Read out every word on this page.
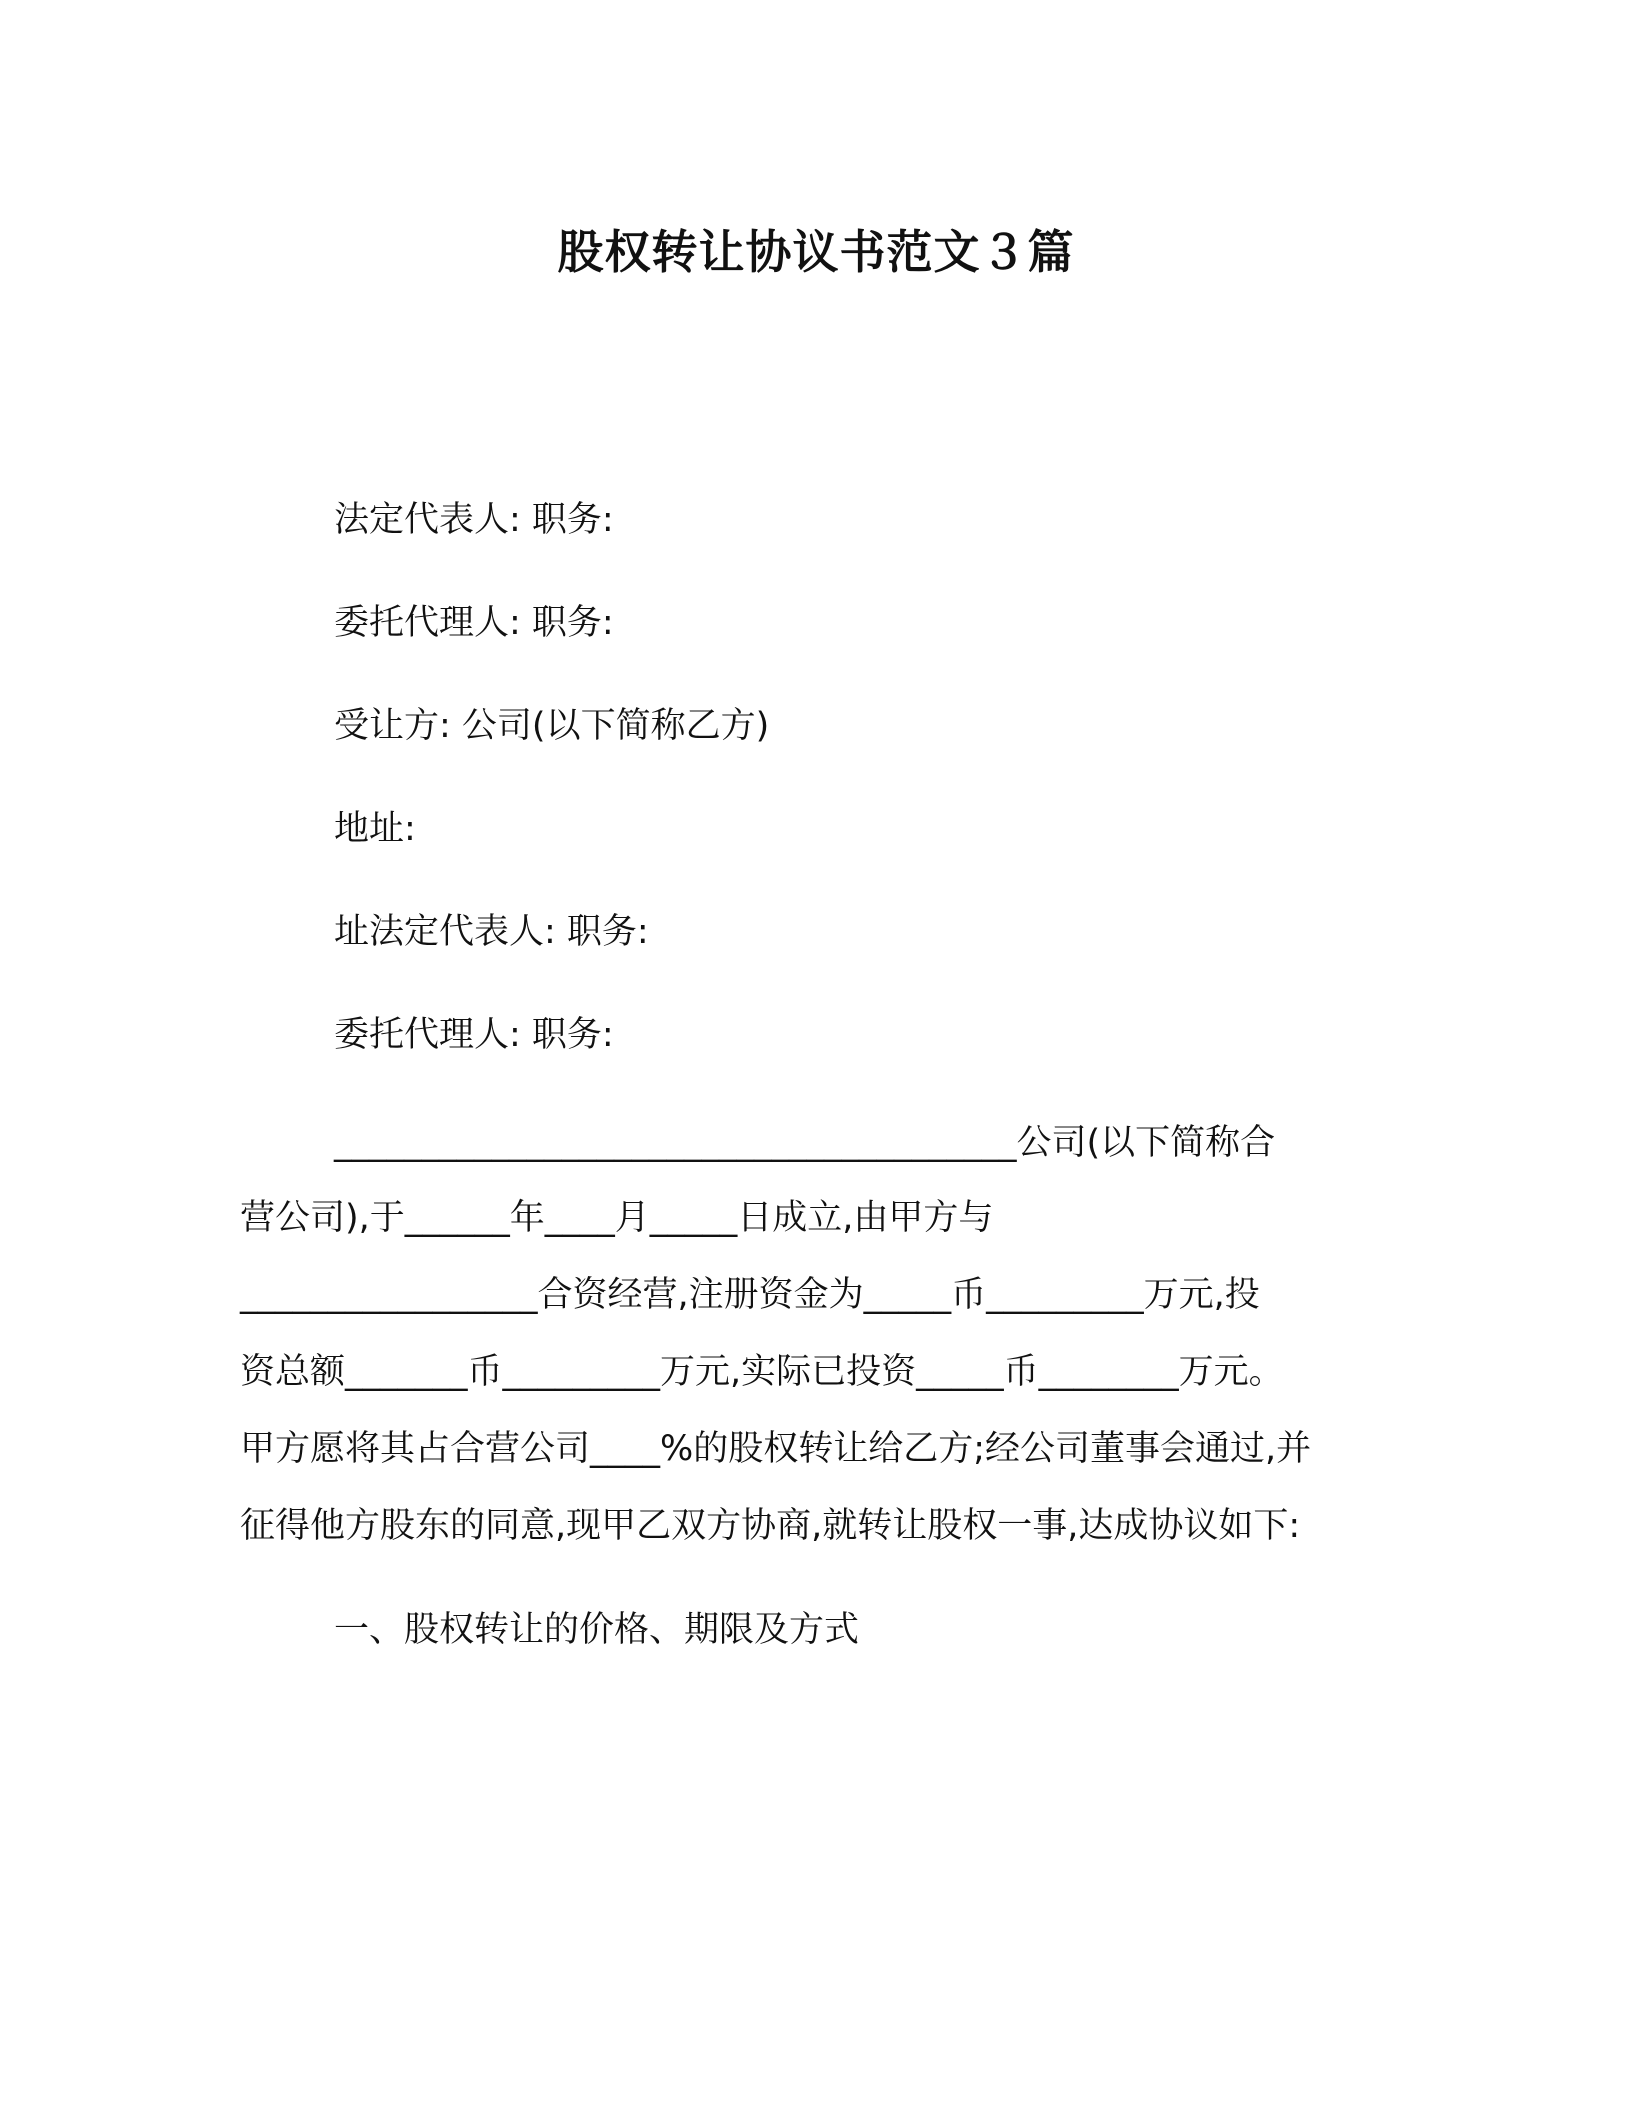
股权转让协议书范文３篇
法定代表人: 职务:
委托代理人: 职务:
受让方: 公司(以下简称乙方)
地址:
址法定代表人: 职务:
委托代理人: 职务:
_______________________________________公司(以下简称合
营公司),于______年____月_____日成立,由甲方与
_________________合资经营,注册资金为_____币_________万元,投
资总额_______币_________万元,实际已投资_____币________万元。
甲方愿将其占合营公司____%的股权转让给乙方;经公司董事会通过,并
征得他方股东的同意,现甲乙双方协商,就转让股权一事,达成协议如下:
一、股权转让的价格、期限及方式
